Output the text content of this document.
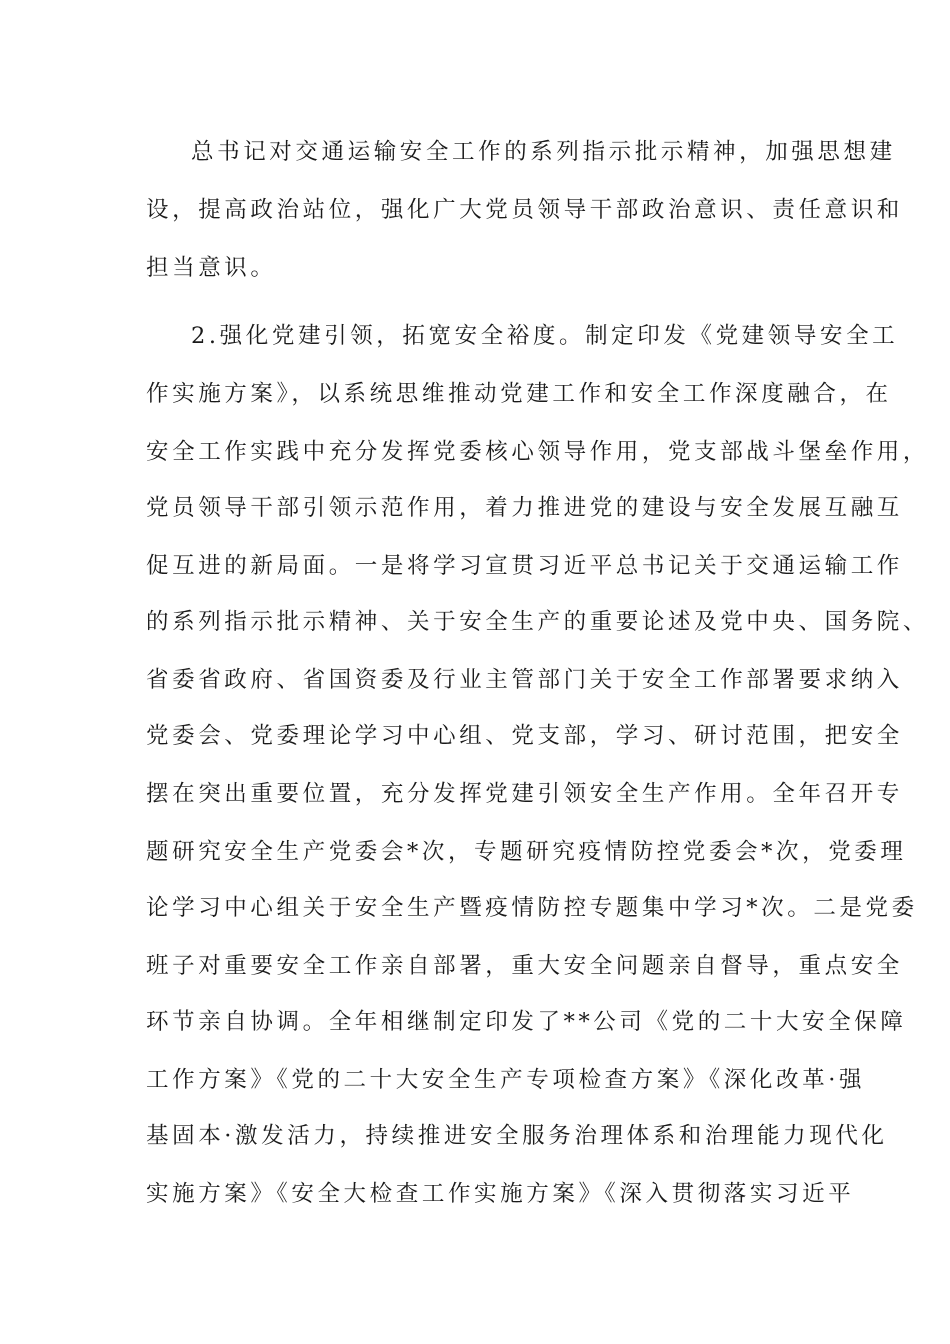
总书记对交通运输安全工作的系列指示批示精神，加强思想建
设，提高政治站位，强化广大党员领导干部政治意识、责任意识和
担当意识。
2.强化党建引领，拓宽安全裕度。制定印发《党建领导安全工
作实施方案》，以系统思维推动党建工作和安全工作深度融合，在
安全工作实践中充分发挥党委核心领导作用，党支部战斗堡垒作用，
党员领导干部引领示范作用，着力推进党的建设与安全发展互融互
促互进的新局面。一是将学习宣贯习近平总书记关于交通运输工作
的系列指示批示精神、关于安全生产的重要论述及党中央、国务院、
省委省政府、省国资委及行业主管部门关于安全工作部署要求纳入
党委会、党委理论学习中心组、党支部，学习、研讨范围，把安全
摆在突出重要位置，充分发挥党建引领安全生产作用。全年召开专
题研究安全生产党委会*次，专题研究疫情防控党委会*次，党委理
论学习中心组关于安全生产暨疫情防控专题集中学习*次。二是党委
班子对重要安全工作亲自部署，重大安全问题亲自督导，重点安全
环节亲自协调。全年相继制定印发了**公司《党的二十大安全保障
工作方案》《党的二十大安全生产专项检查方案》《深化改革·强
基固本·激发活力，持续推进安全服务治理体系和治理能力现代化
实施方案》《安全大检查工作实施方案》《深入贯彻落实习近平
